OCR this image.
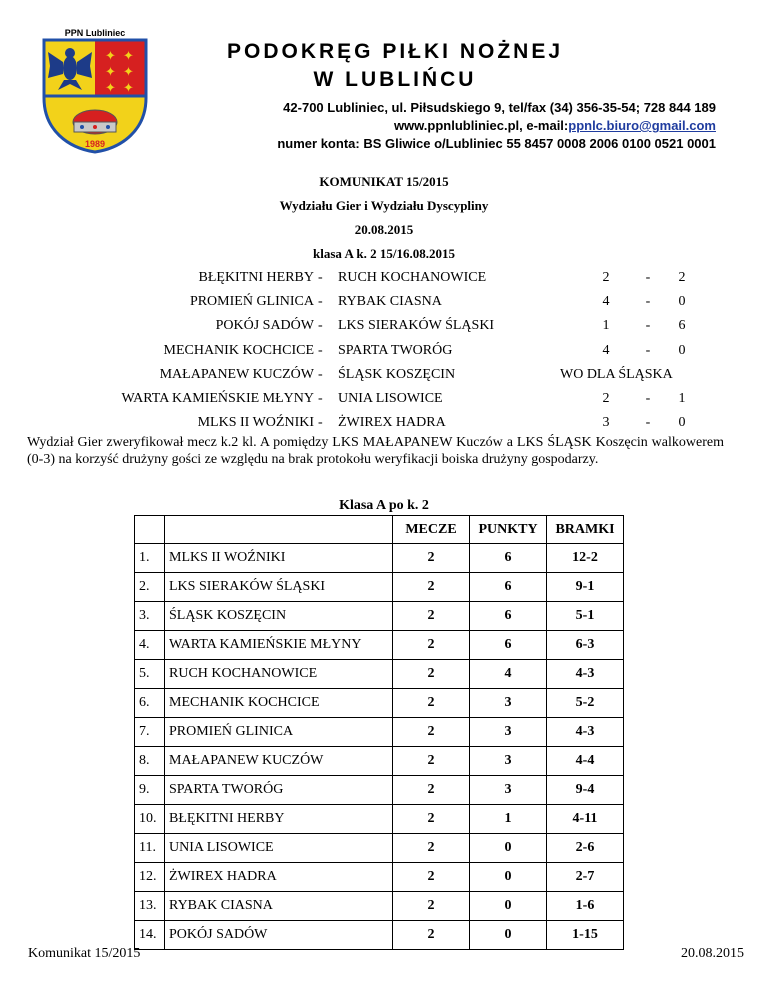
PPN Lubliniec
✦ ✦
✦ ✦
✦ ✦
1989
PODOKRĘG PIŁKI NOŻNEJ
W LUBLIŃCU
42-700 Lubliniec, ul. Piłsudskiego 9, tel/fax (34) 356-35-54; 728 844 189
www.ppnlubliniec.pl, e-mail:ppnlc.biuro@gmail.com
numer konta: BS Gliwice o/Lubliniec 55 8457 0008 2006 0100 0521 0001
KOMUNIKAT 15/2015
Wydziału Gier i Wydziału Dyscypliny
20.08.2015
klasa A k. 2 15/16.08.2015
BŁĘKITNI HERBY - RUCH KOCHANOWICE	2	-	2
PROMIEŃ GLINICA - RYBAK CIASNA	4	-	0
POKÓJ SADÓW - LKS SIERAKÓW ŚLĄSKI	1	-	6
MECHANIK KOCHCICE - SPARTA TWORÓG	4	-	0
MAŁAPANEW KUCZÓW - ŚLĄSK KOSZĘCIN	WO DLA ŚLĄSKA
WARTA KAMIEŃSKIE MŁYNY - UNIA LISOWICE	2	-	1
MLKS II WOŹNIKI - ŻWIREX HADRA	3	-	0
Wydział Gier zweryfikował mecz k.2 kl. A pomiędzy LKS MAŁAPANEW Kuczów a LKS ŚLĄSK Koszęcin walkowerem (0-3) na korzyść drużyny gości ze względu na brak protokołu weryfikacji boiska drużyny gospodarzy.
Klasa A po k. 2
		MECZE	PUNKTY	BRAMKI
1.	MLKS II WOŹNIKI	2	6	12-2
2.	LKS SIERAKÓW ŚLĄSKI	2	6	9-1
3.	ŚLĄSK KOSZĘCIN	2	6	5-1
4.	WARTA KAMIEŃSKIE MŁYNY	2	6	6-3
5.	RUCH KOCHANOWICE	2	4	4-3
6.	MECHANIK KOCHCICE	2	3	5-2
7.	PROMIEŃ GLINICA	2	3	4-3
8.	MAŁAPANEW KUCZÓW	2	3	4-4
9.	SPARTA TWORÓG	2	3	9-4
10.	BŁĘKITNI HERBY	2	1	4-11
11.	UNIA LISOWICE	2	0	2-6
12.	ŻWIREX HADRA	2	0	2-7
13.	RYBAK CIASNA	2	0	1-6
14.	POKÓJ SADÓW	2	0	1-15
Komunikat 15/2015	20.08.2015
